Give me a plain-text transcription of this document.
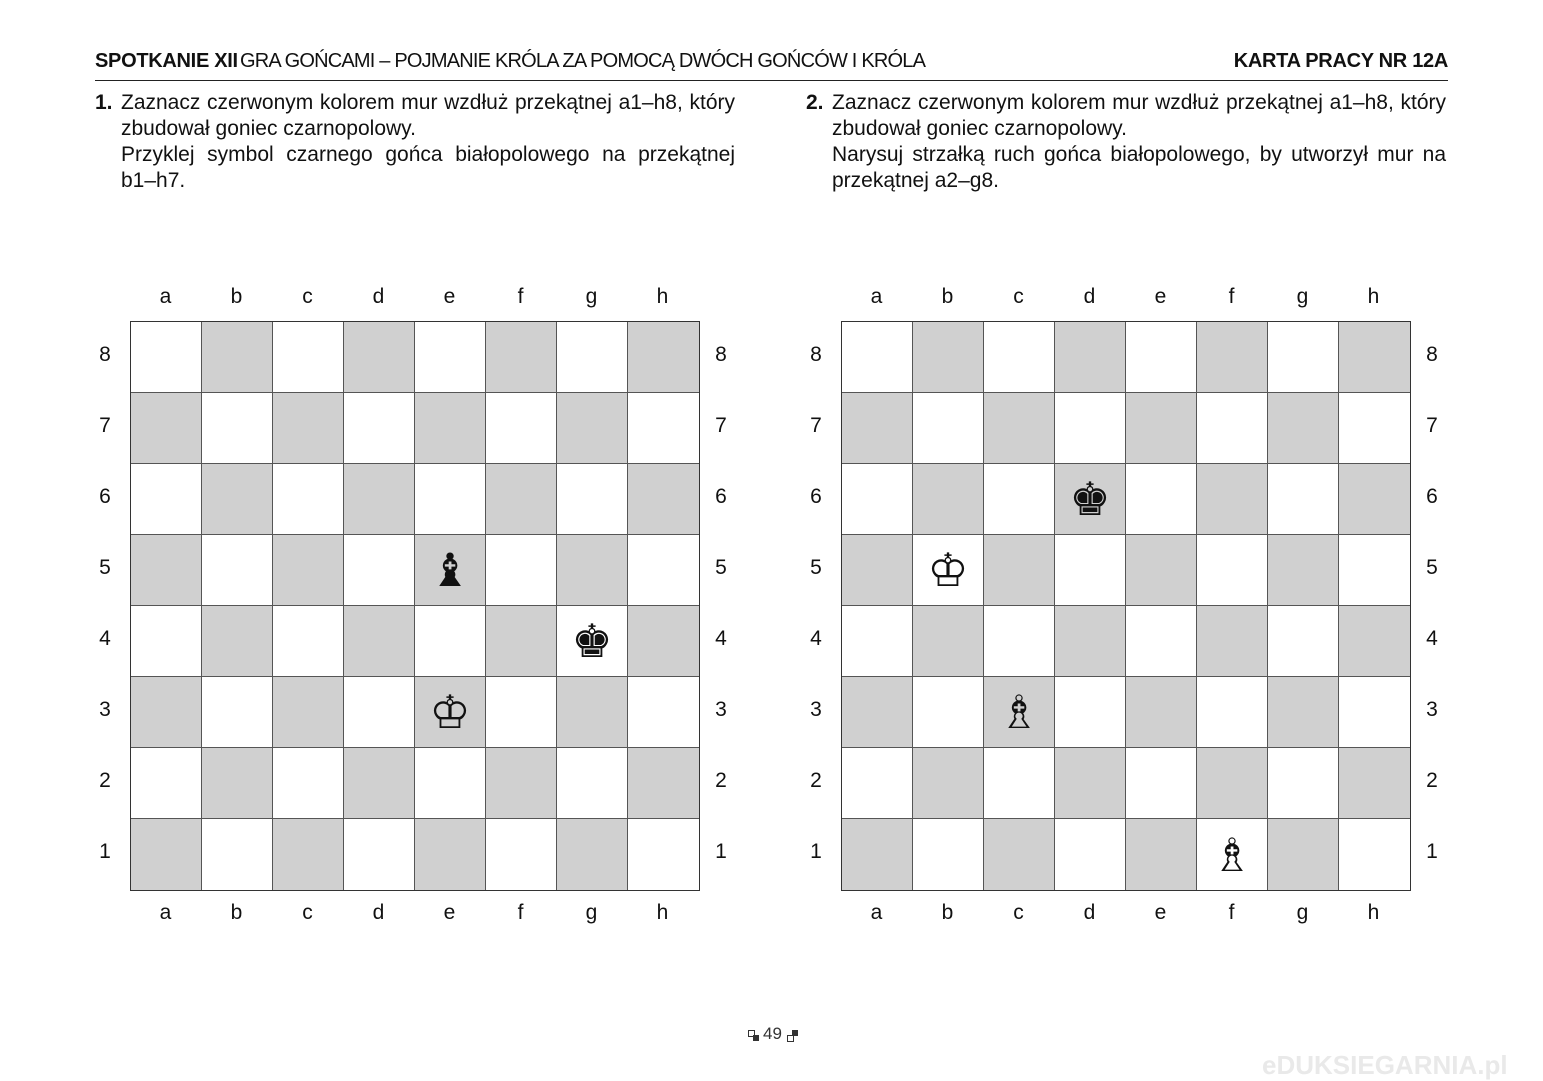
SPOTKANIE XII GRA GOŃCAMI – POJMANIE KRÓLA ZA POMOCĄ DWÓCH GOŃCÓW I KRÓLA	KARTA PRACY NR 12A
1. Zaznacz czerwonym kolorem mur wzdłuż przekątnej a1–h8, który zbudował goniec czarnopolowy.

Przyklej symbol czarnego gońca białopolowego na przekątnej b1–h7.

2. Zaznacz czerwonym kolorem mur wzdłuż przekątnej a1–h8, który zbudował goniec czarnopolowy.

Narysuj strzałką ruch gońca białopolowego, by utworzył mur na przekątnej a2–g8.

a
a
b
b
c
c
d
d
e
e
f
f
g
g
h
h
8	8
7	7
6	6
5	5
4	4
3	3
2	2
1	1
♝
♚
♔
a
a
b
b
c
c
d
d
e
e
f
f
g
g
h
h
8	8
7	7
6	6
5	5
4	4
3	3
2	2
1	1
♚
♔
♗
♗
49
eDUKSIEGARNIA.pl
